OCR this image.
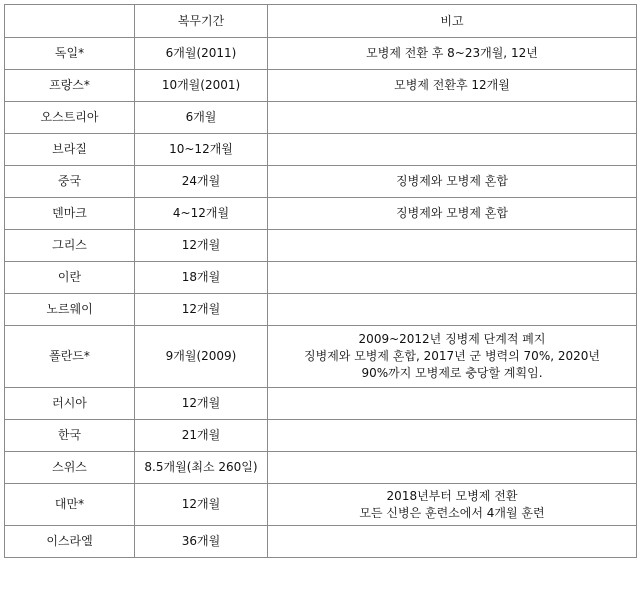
	복무기간	비고
독일*	6개월(2011)	모병제 전환 후 8~23개월, 12년
프랑스*	10개월(2001)	모병제 전환후 12개월
오스트리아	6개월	
브라질	10~12개월	
중국	24개월	징병제와 모병제 혼합
덴마크	4~12개월	징병제와 모병제 혼합
그리스	12개월	
이란	18개월	
노르웨이	12개월	
폴란드*	9개월(2009)	2009~2012년 징병제 단계적 폐지
징병제와 모병제 혼합, 2017년 군 병력의 70%, 2020년
90%까지 모병제로 충당할 계획임.
러시아	12개월	
한국	21개월	
스위스	8.5개월(최소 260일)	
대만*	12개월	2018년부터 모병제 전환
모든 신병은 훈련소에서 4개월 훈련
이스라엘	36개월	
